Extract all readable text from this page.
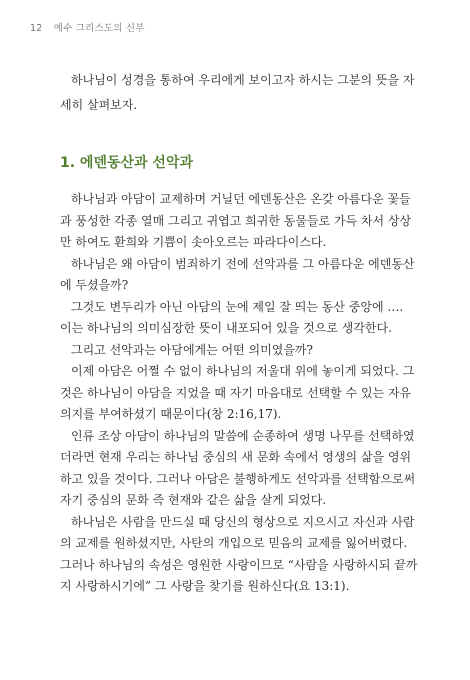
12 예수 그리스도의 신부

하나님이 성경을 통하여 우리에게 보이고자 하시는 그분의 뜻을 자세히 살펴보자.

1. 에덴동산과 선악과

하나님과 아담이 교제하며 거닐던 에덴동산은 온갖 아름다운 꽃들과 풍성한 각종 열매 그리고 귀엽고 희귀한 동물들로 가득 차서 상상만 하여도 환희와 기쁨이 솟아오르는 파라다이스다.

하나님은 왜 아담이 범죄하기 전에 선악과를 그 아름다운 에덴동산에 두셨을까?

그것도 변두리가 아닌 아담의 눈에 제일 잘 띄는 동산 중앙에 …. 이는 하나님의 의미심장한 뜻이 내포되어 있을 것으로 생각한다.

그리고 선악과는 아담에게는 어떤 의미였을까?

이제 아담은 어쩔 수 없이 하나님의 저울대 위에 놓이게 되었다. 그것은 하나님이 아담을 지었을 때 자기 마음대로 선택할 수 있는 자유 의지를 부여하셨기 때문이다(창 2:16,17).

인류 조상 아담이 하나님의 말씀에 순종하여 생명 나무를 선택하였더라면 현재 우리는 하나님 중심의 새 문화 속에서 영생의 삶을 영위하고 있을 것이다. 그러나 아담은 불행하게도 선악과를 선택함으로써 자기 중심의 문화 즉 현재와 같은 삶을 살게 되었다.

하나님은 사람을 만드실 때 당신의 형상으로 지으시고 자신과 사람의 교제를 원하셨지만, 사탄의 개입으로 믿음의 교제를 잃어버렸다. 그러나 하나님의 속성은 영원한 사랑이므로 “사람을 사랑하시되 끝까지 사랑하시기에” 그 사랑을 찾기를 원하신다(요 13:1).
